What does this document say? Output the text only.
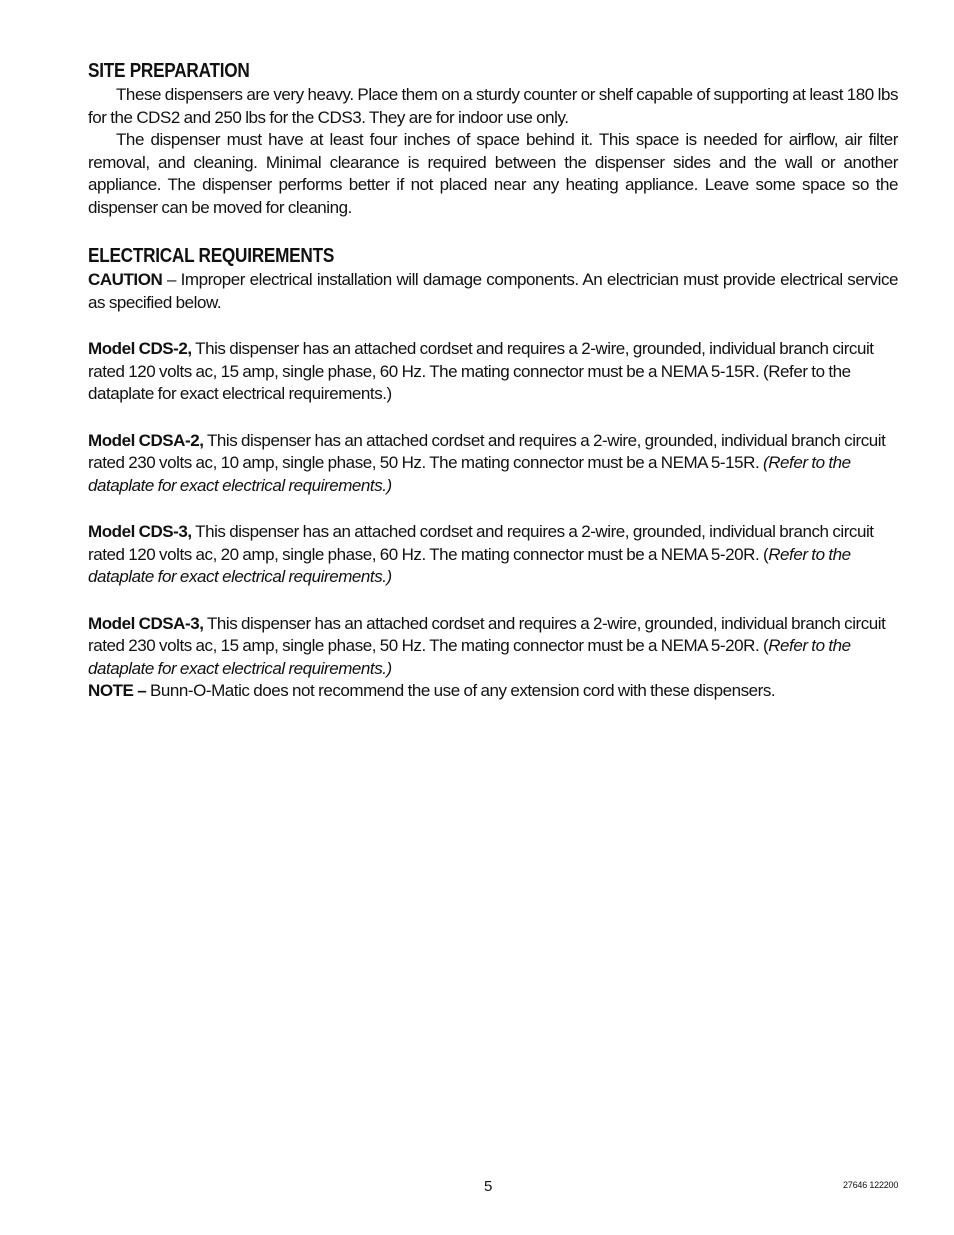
SITE PREPARATION
These dispensers are very heavy. Place them on a sturdy counter or shelf capable of supporting at least 180 lbs for the CDS2 and 250 lbs for the CDS3. They are for indoor use only.
The dispenser must have at least four inches of space behind it. This space is needed for airflow, air filter removal, and cleaning. Minimal clearance is required between the dispenser sides and the wall or another appliance. The dispenser performs better if not placed near any heating appliance. Leave some space so the dispenser can be moved for cleaning.
ELECTRICAL REQUIREMENTS
CAUTION – Improper electrical installation will damage components. An electrician must provide electrical service as specified below.
Model CDS-2, This dispenser has an attached cordset and requires a 2-wire, grounded, individual branch circuit rated 120 volts ac, 15 amp, single phase, 60 Hz. The mating connector must be a NEMA 5-15R. (Refer to the dataplate for exact electrical requirements.)
Model CDSA-2, This dispenser has an attached cordset and requires a 2-wire, grounded, individual branch circuit rated 230 volts ac, 10 amp, single phase, 50 Hz. The mating connector must be a NEMA 5-15R. (Refer to the dataplate for exact electrical requirements.)
Model CDS-3, This dispenser has an attached cordset and requires a 2-wire, grounded, individual branch circuit rated 120 volts ac, 20 amp, single phase, 60 Hz. The mating connector must be a NEMA 5-20R. (Refer to the dataplate for exact electrical requirements.)
Model CDSA-3, This dispenser has an attached cordset and requires a 2-wire, grounded, individual branch circuit rated 230 volts ac, 15 amp, single phase, 50 Hz. The mating connector must be a NEMA 5-20R. (Refer to the dataplate for exact electrical requirements.)
NOTE – Bunn-O-Matic does not recommend the use of any extension cord with these dispensers.
5	27646 122200
